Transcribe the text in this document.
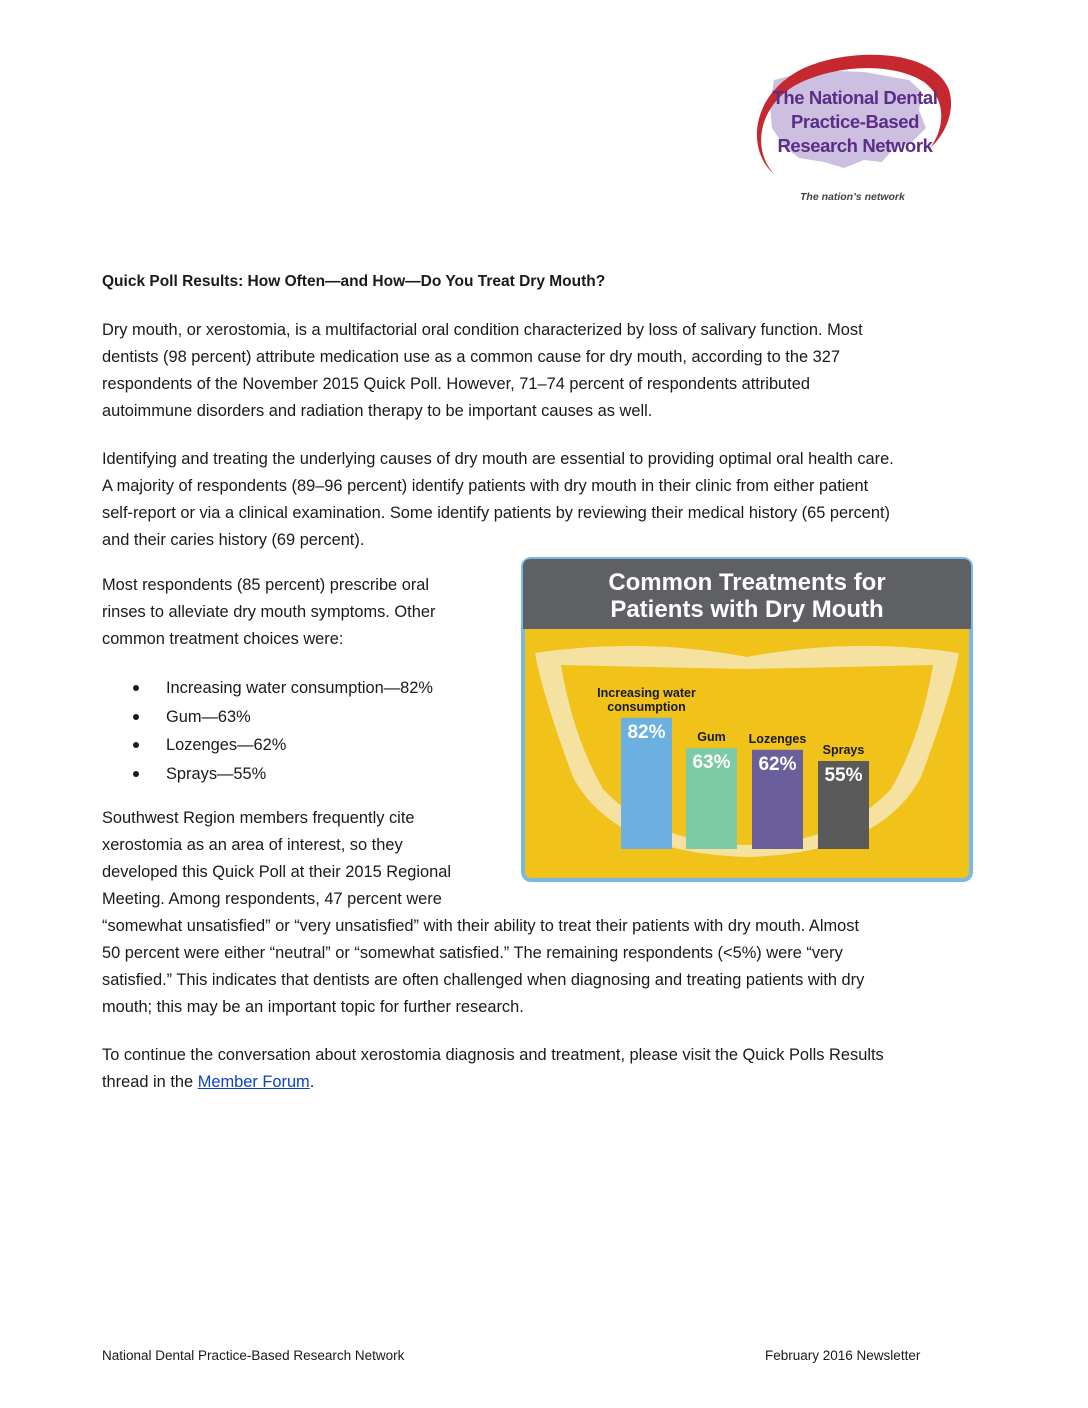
The National Dental
Practice-Based
Research Network
The nation’s network
Quick Poll Results: How Often—and How—Do You Treat Dry Mouth?
Dry mouth, or xerostomia, is a multifactorial oral condition characterized by loss of salivary function. Most
dentists (98 percent) attribute medication use as a common cause for dry mouth, according to the 327
respondents of the November 2015 Quick Poll. However, 71–74 percent of respondents attributed
autoimmune disorders and radiation therapy to be important causes as well.
Identifying and treating the underlying causes of dry mouth are essential to providing optimal oral health care.
A majority of respondents (89–96 percent) identify patients with dry mouth in their clinic from either patient
self-report or via a clinical examination. Some identify patients by reviewing their medical history (65 percent)
and their caries history (69 percent).
Most respondents (85 percent) prescribe oral
rinses to alleviate dry mouth symptoms. Other
common treatment choices were:
Increasing water consumption—82%
Gum—63%
Lozenges—62%
Sprays—55%
Southwest Region members frequently cite
xerostomia as an area of interest, so they
developed this Quick Poll at their 2015 Regional
Meeting. Among respondents, 47 percent were
“somewhat unsatisfied” or “very unsatisfied” with their ability to treat their patients with dry mouth. Almost
50 percent were either “neutral” or “somewhat satisfied.” The remaining respondents (<5%) were “very
satisfied.” This indicates that dentists are often challenged when diagnosing and treating patients with dry
mouth; this may be an important topic for further research.
To continue the conversation about xerostomia diagnosis and treatment, please visit the Quick Polls Results
thread in the Member Forum.
Common Treatments for
Patients with Dry Mouth
82%
Increasing water
consumption
63%
Gum
62%
Lozenges
55%
Sprays
National Dental Practice-Based Research Network	February 2016 Newsletter
